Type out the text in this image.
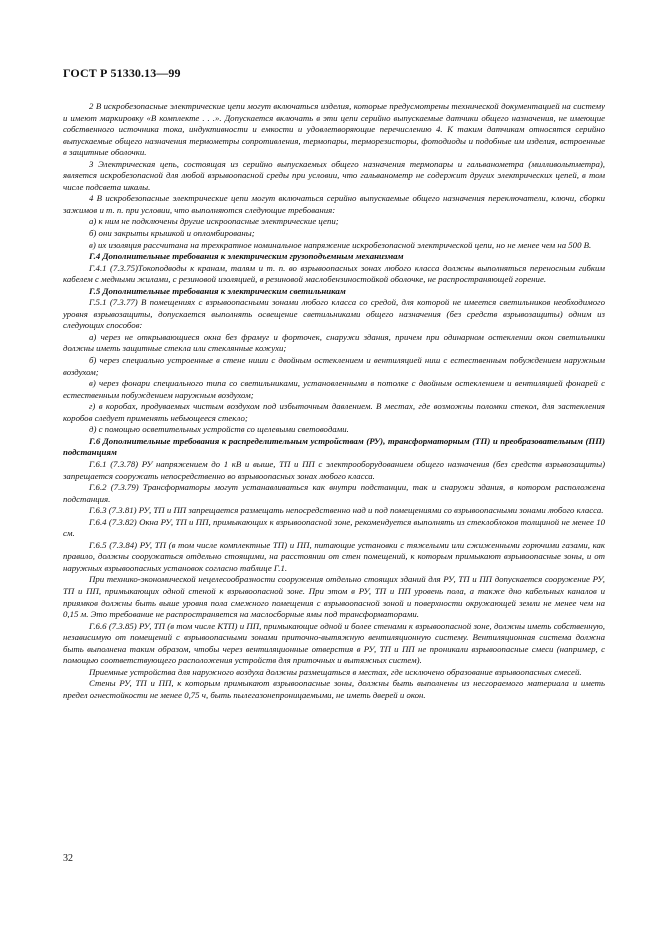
ГОСТ Р 51330.13—99

2 В искробезопасные электрические цепи могут включаться изделия, которые предусмотрены технической документацией на систему и имеют маркировку «В комплекте . . .». Допускается включать в эти цепи серийно выпускаемые датчики общего назначения, не имеющие собственного источника тока, индуктивности и емкости и удовлетворяющие перечислению 4. К таким датчикам относятся серийно выпускаемые общего назначения термометры сопротивления, термопары, терморезисторы, фотодиоды и подобные им изделия, встроенные в защитные оболочки.

3 Электрическая цепь, состоящая из серийно выпускаемых общего назначения термопары и гальванометра (милливольтметра), является искробезопасной для любой взрывоопасной среды при условии, что гальванометр не содержит других электрических цепей, в том числе подсвета шкалы.

4 В искробезопасные электрические цепи могут включаться серийно выпускаемые общего назначения переключатели, ключи, сборки зажимов и т. п. при условии, что выполняются следующие требования:

а) к ним не подключены другие искроопасные электрические цепи;

б) они закрыты крышкой и опломбированы;

в) их изоляция рассчитана на трехкратное номинальное напряжение искробезопасной электрической цепи, но не менее чем на 500 В.

Г.4 Дополнительные требования к электрическим грузоподъемным механизмам

Г.4.1 (7.3.75)Токоподводы к кранам, талям и т. п. во взрывоопасных зонах любого класса должны выполняться переносным гибким кабелем с медными жилами, с резиновой изоляцией, в резиновой маслобензиностойкой оболочке, не распространяющей горение.

Г.5 Дополнительные требования к электрическим светильникам

Г.5.1 (7.3.77) В помещениях с взрывоопасными зонами любого класса со средой, для которой не имеется светильников необходимого уровня взрывозащиты, допускается выполнять освещение светильниками общего назначения (без средств взрывозащиты) одним из следующих способов:

а) через не открывающиеся окна без фрамуг и форточек, снаружи здания, причем при одинарном остеклении окон светильники должны иметь защитные стекла или стеклянные кожухи;

б) через специально устроенные в стене ниши с двойным остеклением и вентиляцией ниш с естественным побуждением наружным воздухом;

в) через фонари специального типа со светильниками, установленными в потолке с двойным остеклением и вентиляцией фонарей с естественным побуждением наружным воздухом;

г) в коробах, продуваемых чистым воздухом под избыточным давлением. В местах, где возможны поломки стекол, для застекления коробов следует применять небьющееся стекло;

д) с помощью осветительных устройств со щелевыми световодами.

Г.6 Дополнительные требования к распределительным устройствам (РУ), трансформаторным (ТП) и преобразовательным (ПП) подстанциям

Г.6.1 (7.3.78) РУ напряжением до 1 кВ и выше, ТП и ПП с электрооборудованием общего назначения (без средств взрывозащиты) запрещается сооружать непосредственно во взрывоопасных зонах любого класса.

Г.6.2 (7.3.79) Трансформаторы могут устанавливаться как внутри подстанции, так и снаружи здания, в котором расположена подстанция.

Г.6.3 (7.3.81) РУ, ТП и ПП запрещается размещать непосредственно над и под помещениями со взрывоопасными зонами любого класса.

Г.6.4 (7.3.82) Окна РУ, ТП и ПП, примыкающих к взрывоопасной зоне, рекомендуется выполнять из стеклоблоков толщиной не менее 10 см.

Г.6.5 (7.3.84) РУ, ТП (в том числе комплектные ТП) и ПП, питающие установки с тяжелыми или сжиженными горючими газами, как правило, должны сооружаться отдельно стоящими, на расстоянии от стен помещений, к которым примыкают взрывоопасные зоны, и от наружных взрывоопасных установок согласно таблице Г.1.

При технико-экономической нецелесообразности сооружения отдельно стоящих зданий для РУ, ТП и ПП допускается сооружение РУ, ТП и ПП, примыкающих одной стеной к взрывоопасной зоне. При этом в РУ, ТП и ПП уровень пола, а также дно кабельных каналов и приямков должны быть выше уровня пола смежного помещения с взрывоопасной зоной и поверхности окружающей земли не менее чем на 0,15 м. Это требование не распространяется на маслосборные ямы под трансформаторами.

Г.6.6 (7.3.85) РУ, ТП (в том числе КТП) и ПП, примыкающие одной и более стенами к взрывоопасной зоне, должны иметь собственную, независимую от помещений с взрывоопасными зонами приточно-вытяжную вентиляционную систему. Вентиляционная система должна быть выполнена таким образом, чтобы через вентиляционные отверстия в РУ, ТП и ПП не проникали взрывоопасные смеси (например, с помощью соответствующего расположения устройств для приточных и вытяжных систем).

Приемные устройства для наружного воздуха должны размещаться в местах, где исключено образование взрывоопасных смесей.

Стены РУ, ТП и ПП, к которым примыкают взрывоопасные зоны, должны быть выполнены из несгораемого материала и иметь предел огнестойкости не менее 0,75 ч, быть пылегазонепроницаемыми, не иметь дверей и окон.

32
